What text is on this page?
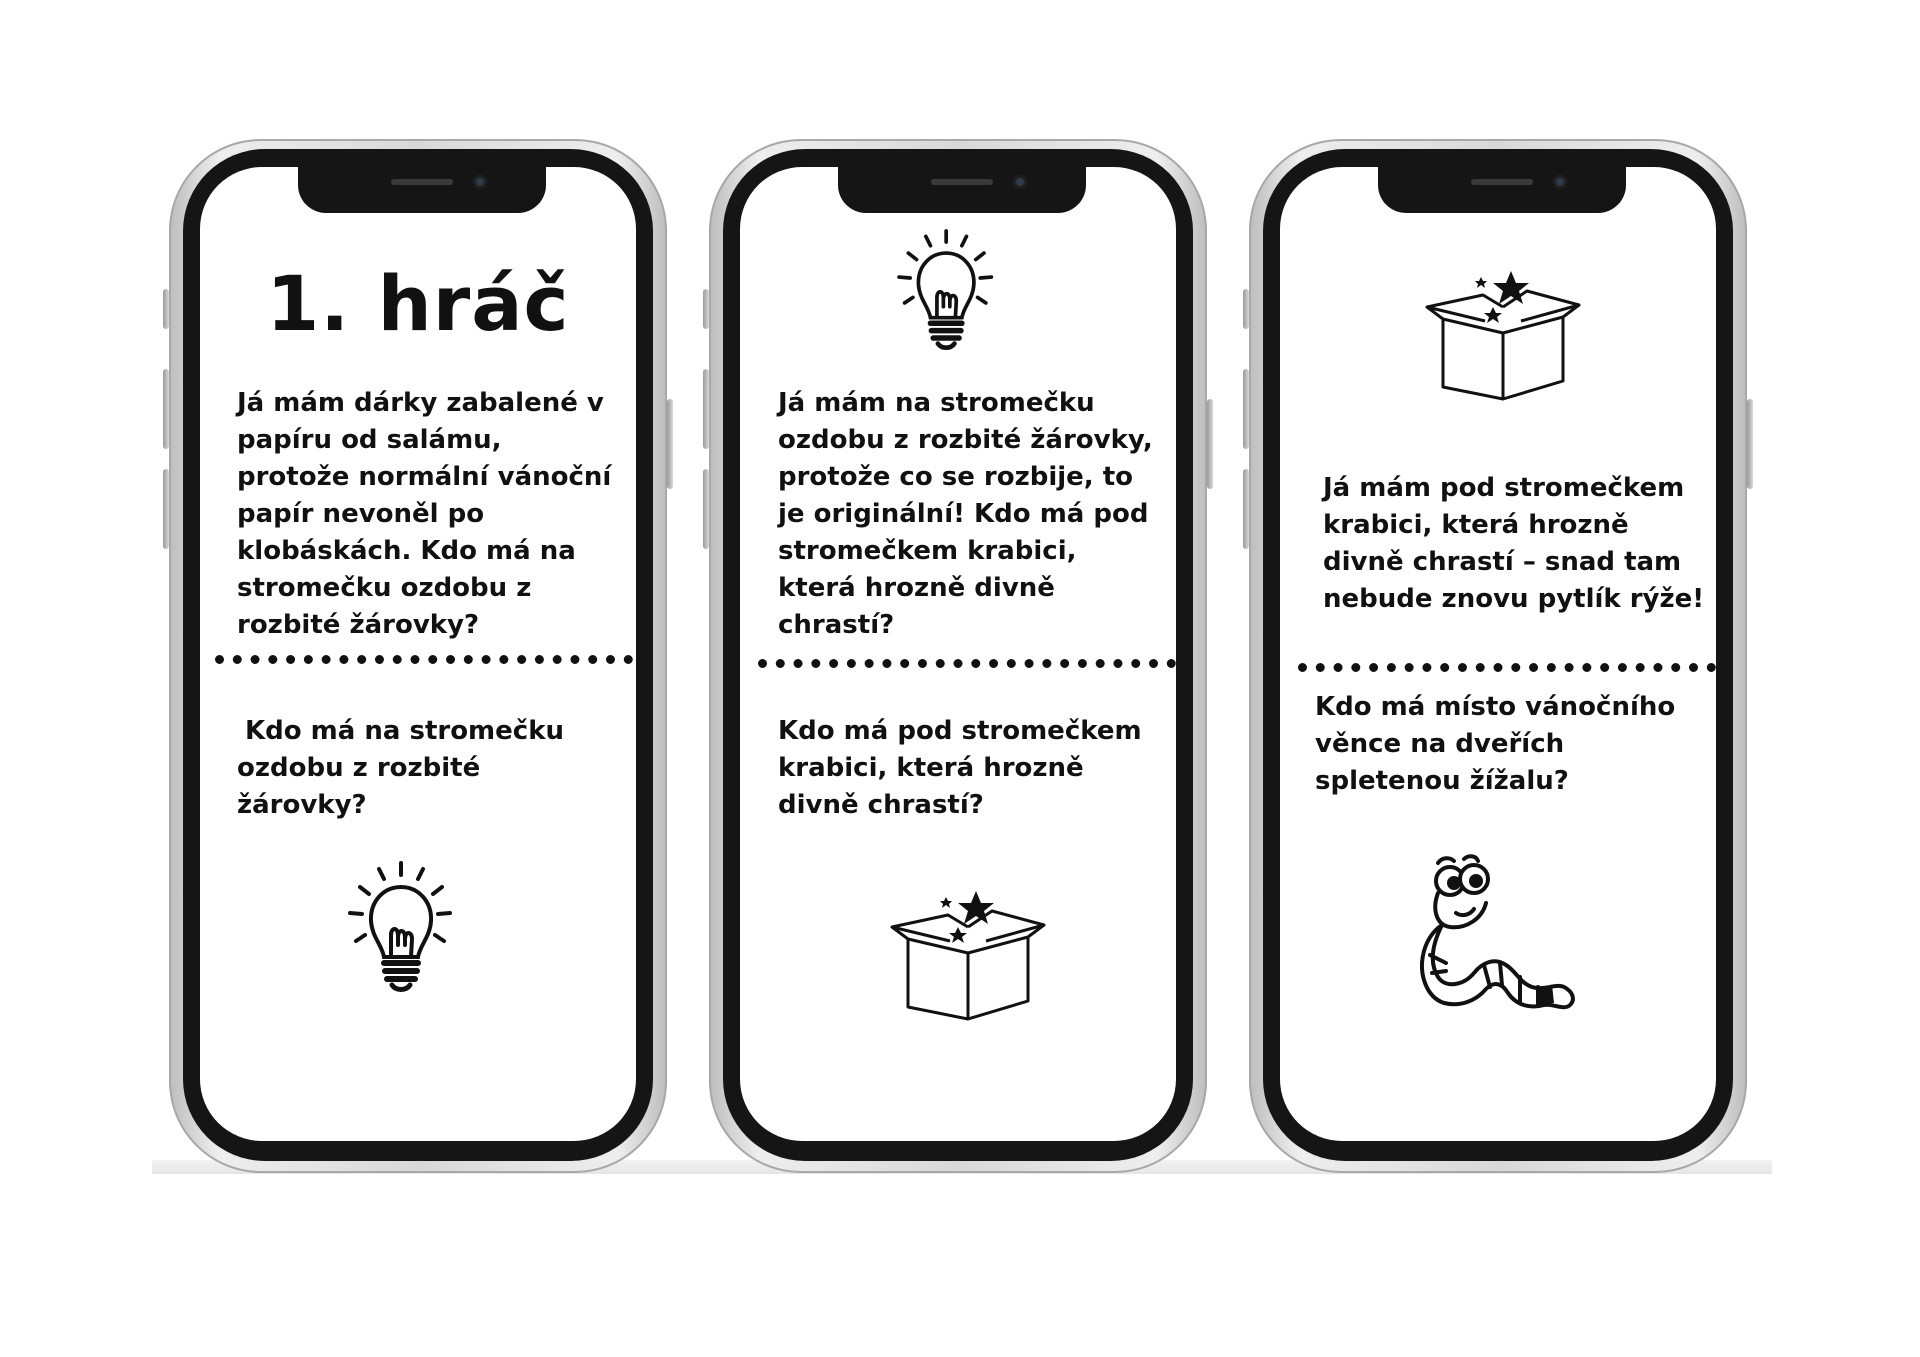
1. hráč

Já mám dárky zabalené v papíru od salámu, protože normální vánoční papír nevoněl po klobáskách. Kdo má na stromečku ozdobu z rozbité žárovky?

Kdo má na stromečku ozdobu z rozbité žárovky?

Já mám na stromečku ozdobu z rozbité žárovky, protože co se rozbije, to je originální! Kdo má pod stromečkem krabici, která hrozně divně chrastí?

Kdo má pod stromečkem krabici, která hrozně divně chrastí?

Já mám pod stromečkem krabici, která hrozně divně chrastí – snad tam nebude znovu pytlík rýže!

Kdo má místo vánočního věnce na dveřích spletenou žížalu?
